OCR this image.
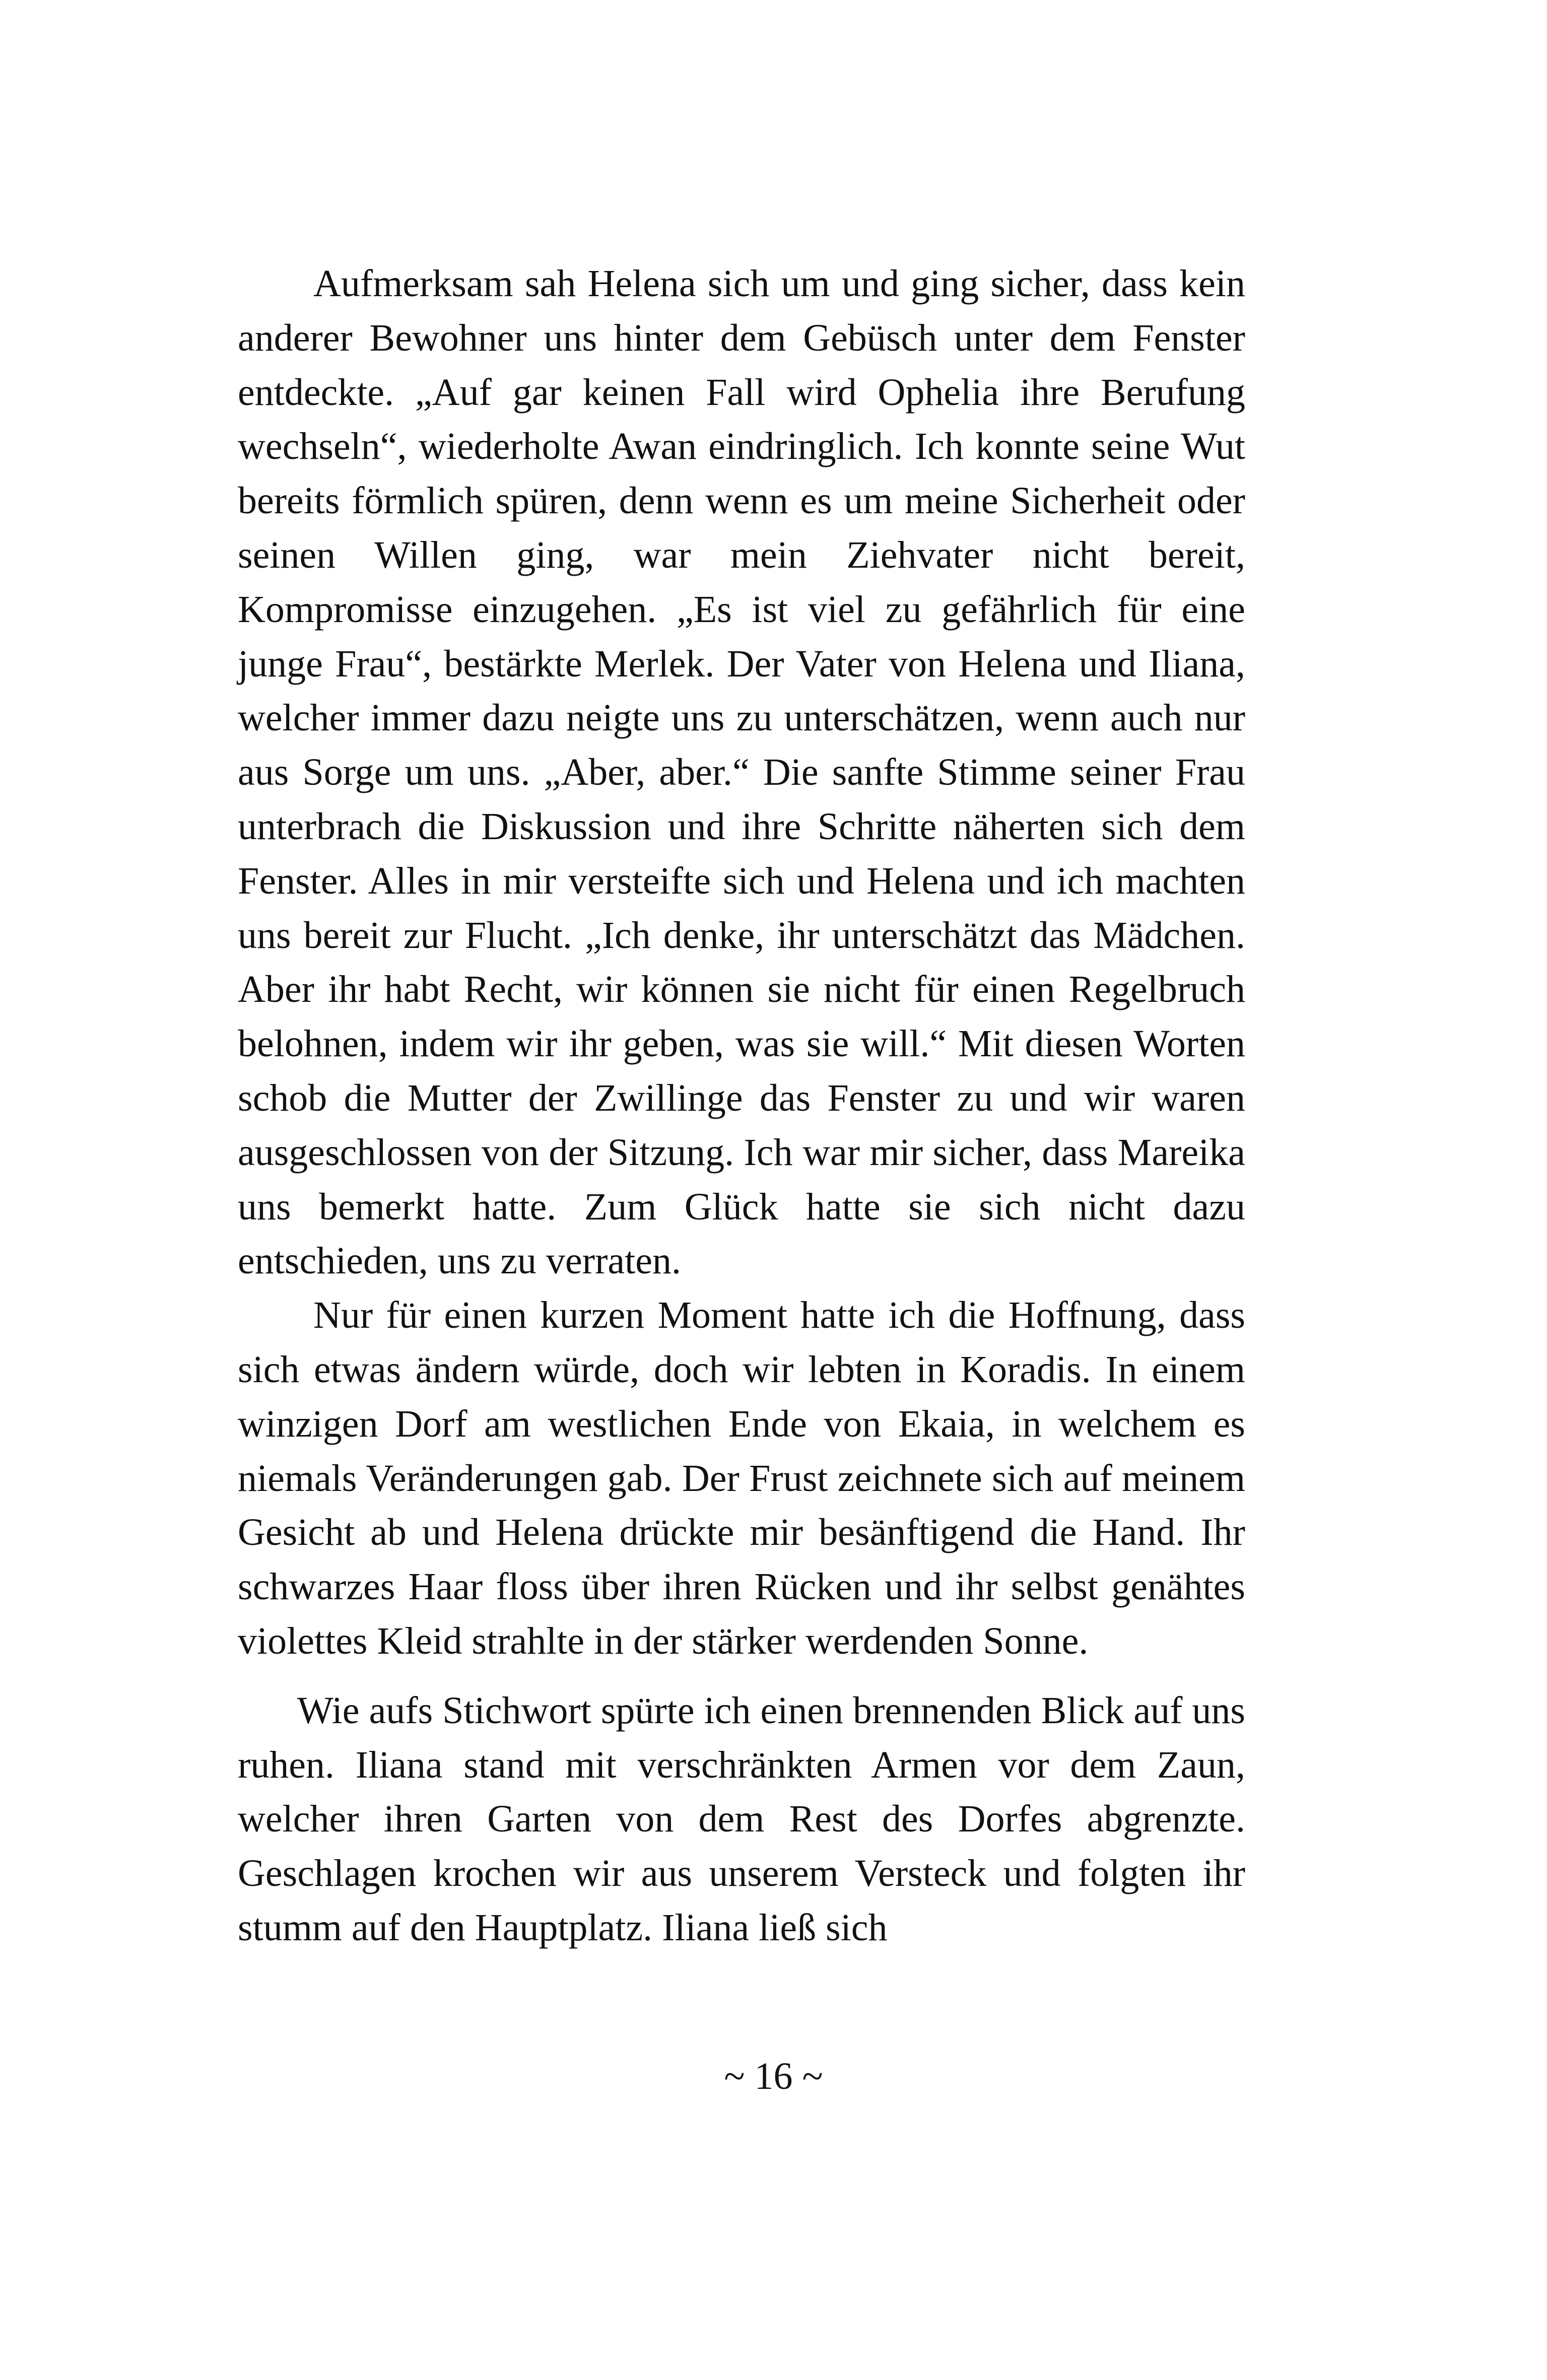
Aufmerksam sah Helena sich um und ging sicher, dass kein anderer Bewohner uns hinter dem Gebüsch unter dem Fenster entdeckte. „Auf gar keinen Fall wird Ophelia ihre Berufung wechseln“, wiederholte Awan eindringlich. Ich konnte seine Wut bereits förmlich spüren, denn wenn es um meine Sicherheit oder seinen Willen ging, war mein Ziehvater nicht bereit, Kompromisse einzugehen. „Es ist viel zu gefährlich für eine junge Frau“, bestärkte Merlek. Der Vater von Helena und Iliana, welcher immer dazu neigte uns zu unterschätzen, wenn auch nur aus Sorge um uns. „Aber, aber.“ Die sanfte Stimme seiner Frau unterbrach die Diskussion und ihre Schritte näherten sich dem Fenster. Alles in mir versteifte sich und Helena und ich machten uns bereit zur Flucht. „Ich denke, ihr unterschätzt das Mädchen. Aber ihr habt Recht, wir können sie nicht für einen Regelbruch belohnen, indem wir ihr geben, was sie will.“ Mit diesen Worten schob die Mutter der Zwillinge das Fenster zu und wir waren ausgeschlossen von der Sitzung. Ich war mir sicher, dass Mareika uns bemerkt hatte. Zum Glück hatte sie sich nicht dazu entschieden, uns zu verraten.

Nur für einen kurzen Moment hatte ich die Hoffnung, dass sich etwas ändern würde, doch wir lebten in Koradis. In einem winzigen Dorf am westlichen Ende von Ekaia, in welchem es niemals Veränderungen gab. Der Frust zeichnete sich auf meinem Gesicht ab und Helena drückte mir besänftigend die Hand. Ihr schwarzes Haar floss über ihren Rücken und ihr selbst genähtes violettes Kleid strahlte in der stärker werdenden Sonne.

Wie aufs Stichwort spürte ich einen brennenden Blick auf uns ruhen. Iliana stand mit verschränkten Armen vor dem Zaun, welcher ihren Garten von dem Rest des Dorfes abgrenzte. Geschlagen krochen wir aus unserem Versteck und folgten ihr stumm auf den Hauptplatz. Iliana ließ sich

~ 16 ~
